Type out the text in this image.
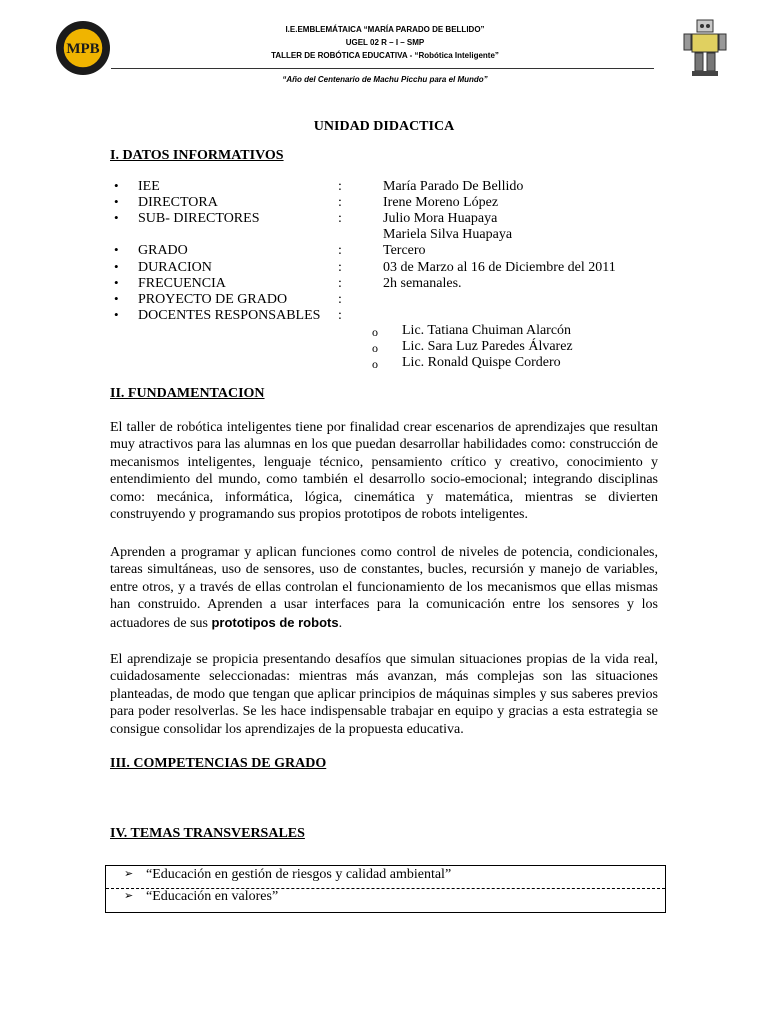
MPB
I.E.EMBLEMÁTAICA “MARÍA PARADO DE BELLIDO”
UGEL 02 R – I – SMP
TALLER DE ROBÓTICA EDUCATIVA - “Robótica Inteligente”
“Año del Centenario de Machu Picchu para el Mundo”
UNIDAD DIDACTICA
I. DATOS INFORMATIVOS
• IEE	:	María Parado De Bellido
• DIRECTORA	:	Irene Moreno López
• SUB- DIRECTORES	:	Julio Mora Huapaya
Mariela Silva Huapaya
• GRADO	:	Tercero
• DURACION	:	03 de Marzo al 16 de Diciembre del 2011
• FRECUENCIA	:	2h semanales.
• PROYECTO DE GRADO	:
• DOCENTES RESPONSABLES :
o Lic. Tatiana Chuiman Alarcón
o Lic. Sara Luz Paredes Álvarez
o Lic. Ronald Quispe Cordero
II. FUNDAMENTACION
El taller de robótica inteligentes tiene por finalidad crear escenarios de aprendizajes que resultan muy atractivos para las alumnas en los que puedan desarrollar habilidades como: construcción de mecanismos inteligentes, lenguaje técnico, pensamiento crítico y creativo, conocimiento y entendimiento del mundo, como también el desarrollo socio-emocional; integrando disciplinas como: mecánica, informática, lógica, cinemática y matemática, mientras se divierten construyendo y programando sus propios prototipos de robots inteligentes.
Aprenden a programar y aplican funciones como control de niveles de potencia, condicionales, tareas simultáneas, uso de sensores, uso de constantes, bucles, recursión y manejo de variables, entre otros, y a través de ellas controlan el funcionamiento de los mecanismos que ellas mismas han construido. Aprenden a usar interfaces para la comunicación entre los sensores y los actuadores de sus prototipos de robots.
El aprendizaje se propicia presentando desafíos que simulan situaciones propias de la vida real, cuidadosamente seleccionadas: mientras más avanzan, más complejas son las situaciones planteadas, de modo que tengan que aplicar principios de máquinas simples y sus saberes previos para poder resolverlas. Se les hace indispensable trabajar en equipo y gracias a esta estrategia se consigue consolidar los aprendizajes de la propuesta educativa.
III. COMPETENCIAS DE GRADO
IV. TEMAS TRANSVERSALES
➢ “Educación en gestión de riesgos y calidad ambiental”
➢ “Educación en valores”
